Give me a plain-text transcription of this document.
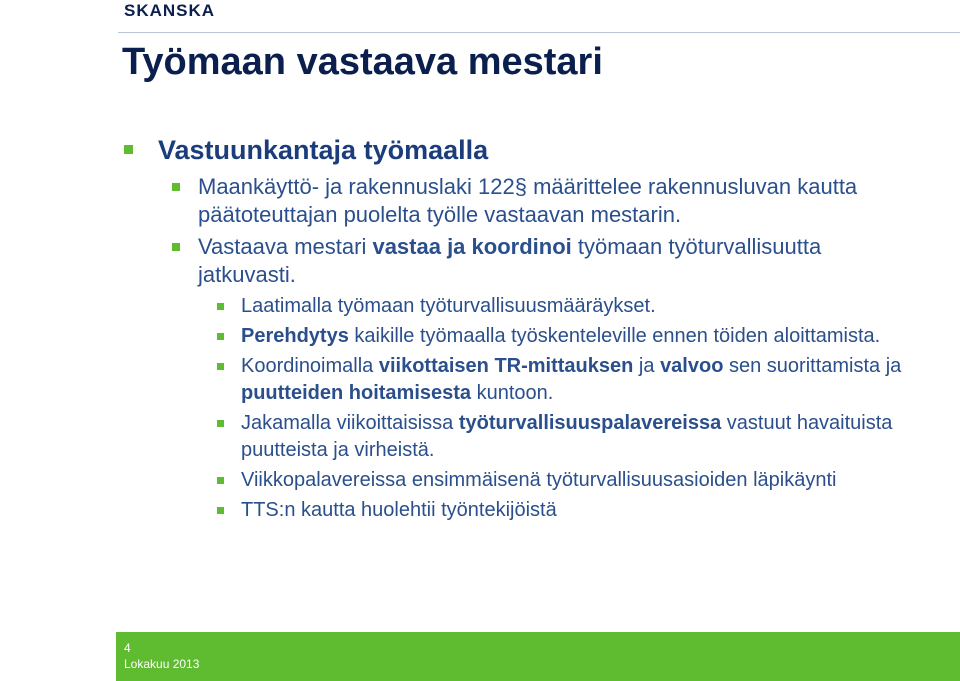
SKANSKA
Työmaan vastaava mestari
Vastuunkantaja työmaalla
Maankäyttö- ja rakennuslaki 122§ määrittelee rakennusluvan kautta päätoteuttajan puolelta työlle vastaavan mestarin.
Vastaava mestari vastaa ja koordinoi työmaan työturvallisuutta jatkuvasti.
Laatimalla työmaan työturvallisuusmääräykset.
Perehdytys kaikille työmaalla työskenteleville ennen töiden aloittamista.
Koordinoimalla viikottaisen TR-mittauksen ja valvoo sen suorittamista ja puutteiden hoitamisesta kuntoon.
Jakamalla viikoittaisissa työturvallisuuspalavereissa vastuut havaituista puutteista ja virheistä.
Viikkopalavereissa ensimmäisenä työturvallisuusasioiden läpikäynti
TTS:n kautta huolehtii työntekijöistä
4
Lokakuu 2013
